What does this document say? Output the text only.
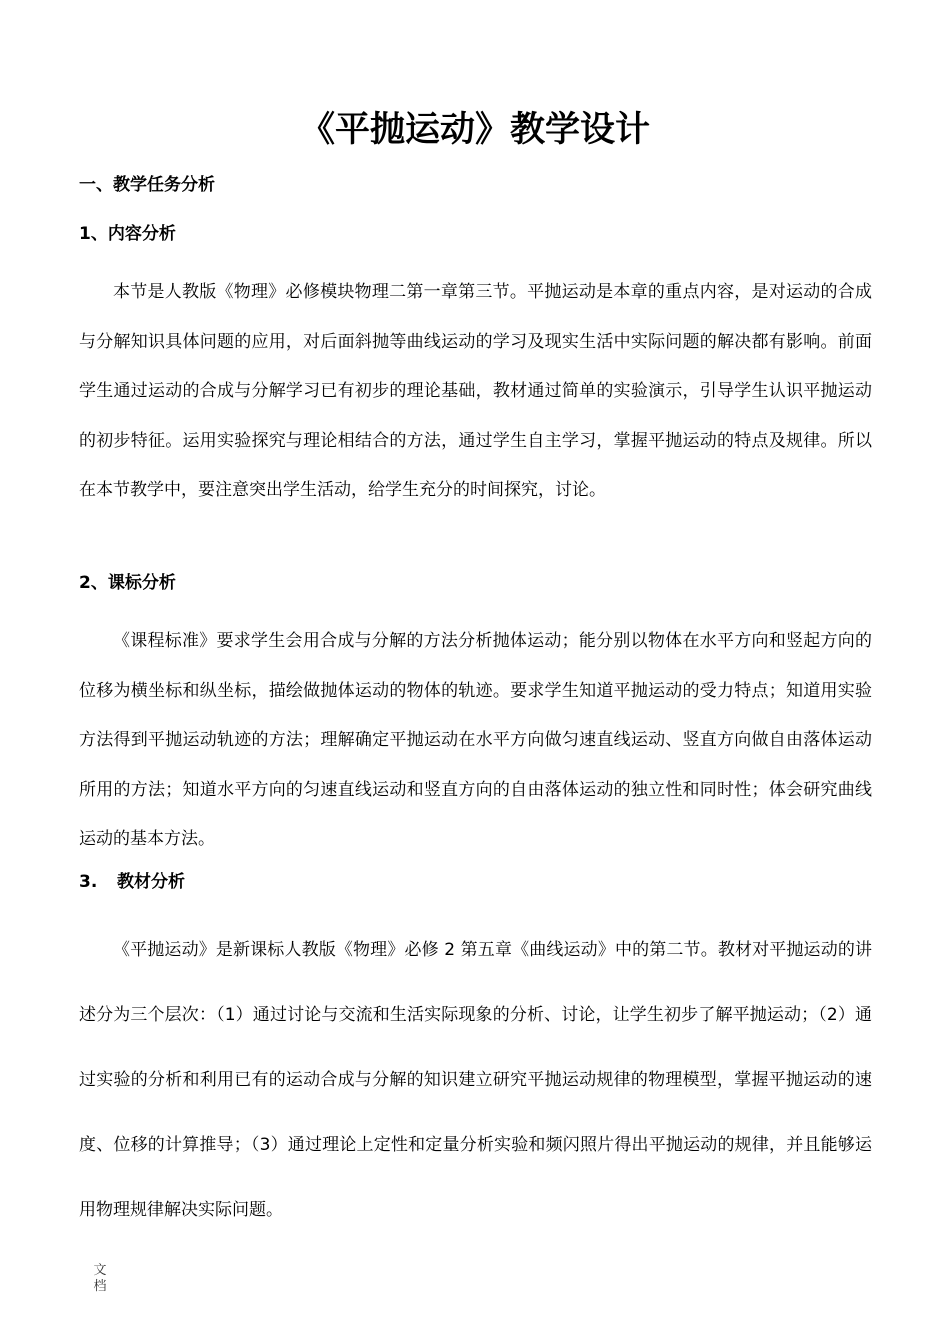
《平抛运动》教学设计
一、教学任务分析
1、内容分析

本节是人教版《物理》必修模块物理二第一章第三节。平抛运动是本章的重点内容，是对运动的合成与分解知识具体问题的应用，对后面斜抛等曲线运动的学习及现实生活中实际问题的解决都有影响。前面学生通过运动的合成与分解学习已有初步的理论基础，教材通过简单的实验演示，引导学生认识平抛运动的初步特征。运用实验探究与理论相结合的方法，通过学生自主学习，掌握平抛运动的特点及规律。所以在本节教学中，要注意突出学生活动，给学生充分的时间探究，讨论。

2、课标分析

《课程标准》要求学生会用合成与分解的方法分析抛体运动；能分别以物体在水平方向和竖起方向的位移为横坐标和纵坐标，描绘做抛体运动的物体的轨迹。要求学生知道平抛运动的受力特点；知道用实验方法得到平抛运动轨迹的方法；理解确定平抛运动在水平方向做匀速直线运动、竖直方向做自由落体运动所用的方法；知道水平方向的匀速直线运动和竖直方向的自由落体运动的独立性和同时性；体会研究曲线运动的基本方法。

3. 教材分析

《平抛运动》是新课标人教版《物理》必修 2 第五章《曲线运动》中的第二节。教材对平抛运动的讲述分为三个层次：（1）通过讨论与交流和生活实际现象的分析、讨论，让学生初步了解平抛运动；（2）通过实验的分析和利用已有的运动合成与分解的知识建立研究平抛运动规律的物理模型，掌握平抛运动的速度、位移的计算推导；（3）通过理论上定性和定量分析实验和频闪照片得出平抛运动的规律，并且能够运用物理规律解决实际问题。

文
档
